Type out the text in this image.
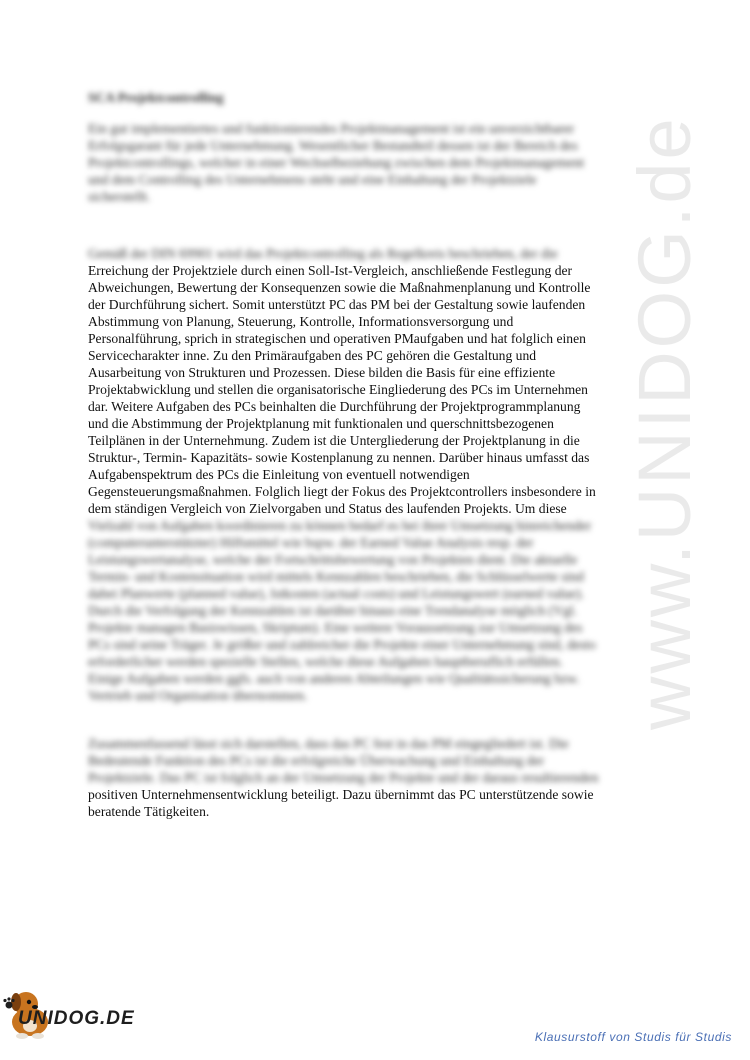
www.UNIDOG.de
SCA Projektcontrolling

Ein gut implementiertes und funktionierendes Projektmanagement ist ein unverzichtbarer
Erfolgsgarant für jede Unternehmung. Wesentlicher Bestandteil dessen ist der Bereich des
Projektcontrollings, welcher in einer Wechselbeziehung zwischen dem Projektmanagement
und dem Controlling des Unternehmens steht und eine Einhaltung der Projektziele
sicherstellt.

Gemäß der DIN 69901 wird das Projektcontrolling als Regelkreis beschrieben, der die
Erreichung der Projektziele durch einen Soll-Ist-Vergleich, anschließende Festlegung der
Abweichungen, Bewertung der Konsequenzen sowie die Maßnahmenplanung und Kontrolle
der Durchführung sichert. Somit unterstützt PC das PM bei der Gestaltung sowie laufenden
Abstimmung von Planung, Steuerung, Kontrolle, Informationsversorgung und
Personalführung, sprich in strategischen und operativen PMaufgaben und hat folglich einen
Servicecharakter inne. Zu den Primäraufgaben des PC gehören die Gestaltung und
Ausarbeitung von Strukturen und Prozessen. Diese bilden die Basis für eine effiziente
Projektabwicklung und stellen die organisatorische Eingliederung des PCs im Unternehmen
dar. Weitere Aufgaben des PCs beinhalten die Durchführung der Projektprogrammplanung
und die Abstimmung der Projektplanung mit funktionalen und querschnittsbezogenen
Teilplänen in der Unternehmung. Zudem ist die Untergliederung der Projektplanung in die
Struktur-, Termin- Kapazitäts- sowie Kostenplanung zu nennen. Darüber hinaus umfasst das
Aufgabenspektrum des PCs die Einleitung von eventuell notwendigen
Gegensteuerungsmaßnahmen. Folglich liegt der Fokus des Projektcontrollers insbesondere in
dem ständigen Vergleich von Zielvorgaben und Status des laufenden Projekts. Um diese
Vielzahl von Aufgaben koordinieren zu können bedarf es bei ihrer Umsetzung hinreichender
(computerunterstützter) Hilfsmittel wie bspw. der Earned Value Analysis resp. der
Leistungswertanalyse, welche der Fortschrittsbewertung von Projekten dient. Die aktuelle
Termin- und Kostensituation wird mittels Kennzahlen beschrieben, die Schlüsselwerte sind
dabei Planwerte (planned value), Istkosten (actual costs) und Leistungswert (earned value).
Durch die Verfolgung der Kennzahlen ist darüber hinaus eine Trendanalyse möglich (Vgl.
Projekte managen Basiswissen, Skriptum). Eine weitere Voraussetzung zur Umsetzung des
PCs sind seine Träger. Je größer und zahlreicher die Projekte einer Unternehmung sind, desto
erforderlicher werden spezielle Stellen, welche diese Aufgaben hauptberuflich erfüllen.
Einige Aufgaben werden ggfs. auch von anderen Abteilungen wie Qualitätssicherung bzw.
Vertrieb und Organisation übernommen.

Zusammenfassend lässt sich darstellen, dass das PC fest in das PM eingegliedert ist. Die
Bedeutende Funktion des PCs ist die erfolgreiche Überwachung und Einhaltung der
Projektziele. Das PC ist folglich an der Umsetzung der Projekte und der daraus resultierenden
positiven Unternehmensentwicklung beteiligt. Dazu übernimmt das PC unterstützende sowie
beratende Tätigkeiten.

UNIDOG.DE
Klausurstoff von Studis für Studis
